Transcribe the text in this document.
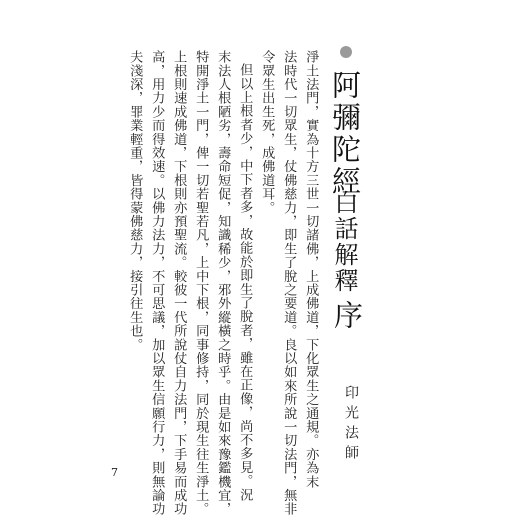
阿彌陀經
白話解釋
序
印光法師
淨土法門，實為十方三世一切諸佛，上成佛道，下化眾生之通規。亦為末
法時代一切眾生，仗佛慈力，即生了脫之要道。良以如來所說一切法門，無非
令眾生出生死，成佛道耳。
但以上根者少，中下者多，故能於即生了脫者，雖在正像，尚不多見。況
末法人根陋劣，壽命短促，知識稀少，邪外縱橫之時乎。由是如來豫鑑機宜，
特開淨土一門，俾一切若聖若凡，上中下根，同事修持，同於現生往生淨土。
上根則速成佛道，下根則亦預聖流。較彼一代所說仗自力法門，下手易而成功
高，用力少而得效速。以佛力法力，不可思議，加以眾生信願行力，則無論功
夫淺深，罪業輕重，皆得蒙佛慈力，接引往生也。
7
